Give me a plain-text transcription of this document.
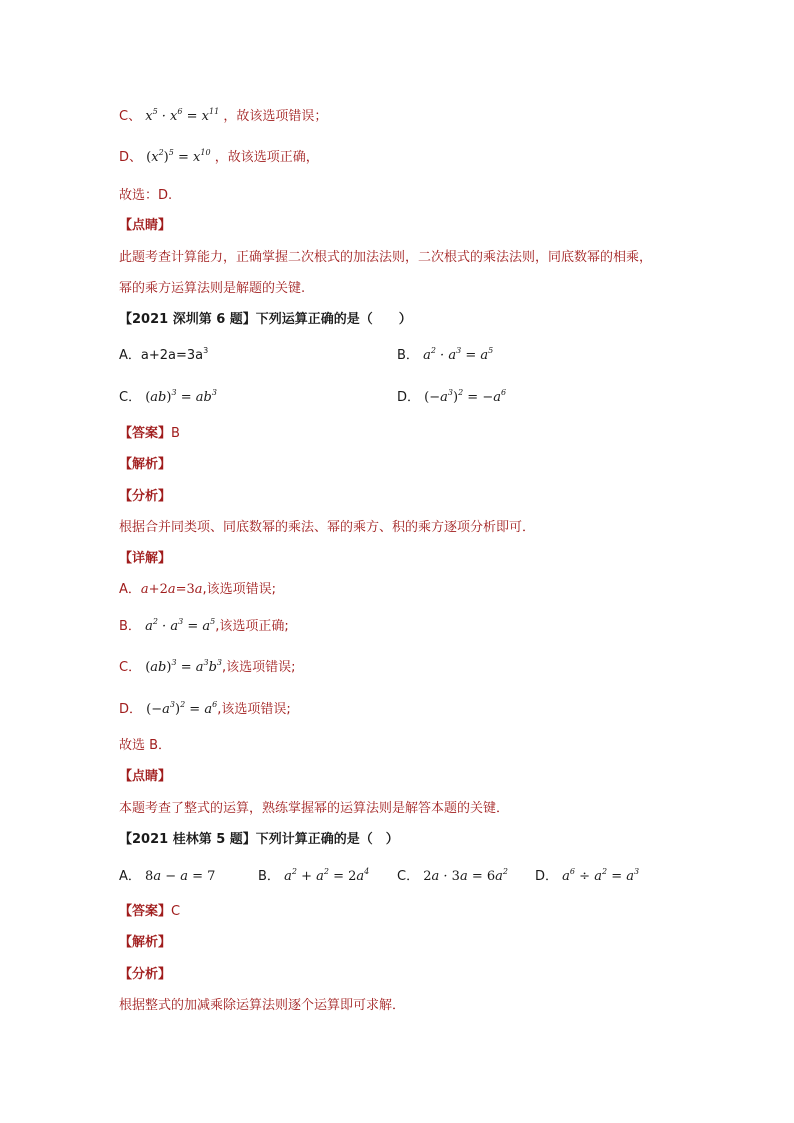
C、 $x^5 \cdot x^6 = x^{11}$ ，故该选项错误；
D、 $(x^2)^5 = x^{10}$ ，故该选项正确，
故选：D.
【点睛】
此题考查计算能力，正确掌握二次根式的加法法则，二次根式的乘法法则，同底数幂的相乘，
幂的乘方运算法则是解题的关键.
【2021 深圳第 6 题】下列运算正确的是（　　）
A．$a+2a=3a^3$	B． $a^2 \cdot a^3 = a^5$
C． $(ab)^3 = ab^3$	D． $(-a^3)^2 = -a^6$
【答案】B
【解析】
【分析】
根据合并同类项、同底数幂的乘法、幂的乘方、积的乘方逐项分析即可．
【详解】
A．a+2a=3a,该选项错误;
B． $a^2 \cdot a^3 = a^5$,该选项正确;
C． $(ab)^3 = a^3b^3$,该选项错误;
D． $(-a^3)^2 = a^6$,该选项错误;
故选 B．
【点睛】
本题考查了整式的运算，熟练掌握幂的运算法则是解答本题的关键．
【2021 桂林第 5 题】下列计算正确的是（　）
A． 8a − a = 7	B． $a^2 + a^2 = 2a^4$ C． $2a \cdot 3a = 6a^2$ D． $a^6 \div a^2 = a^3$
【答案】C
【解析】
【分析】
根据整式的加减乘除运算法则逐个运算即可求解．
